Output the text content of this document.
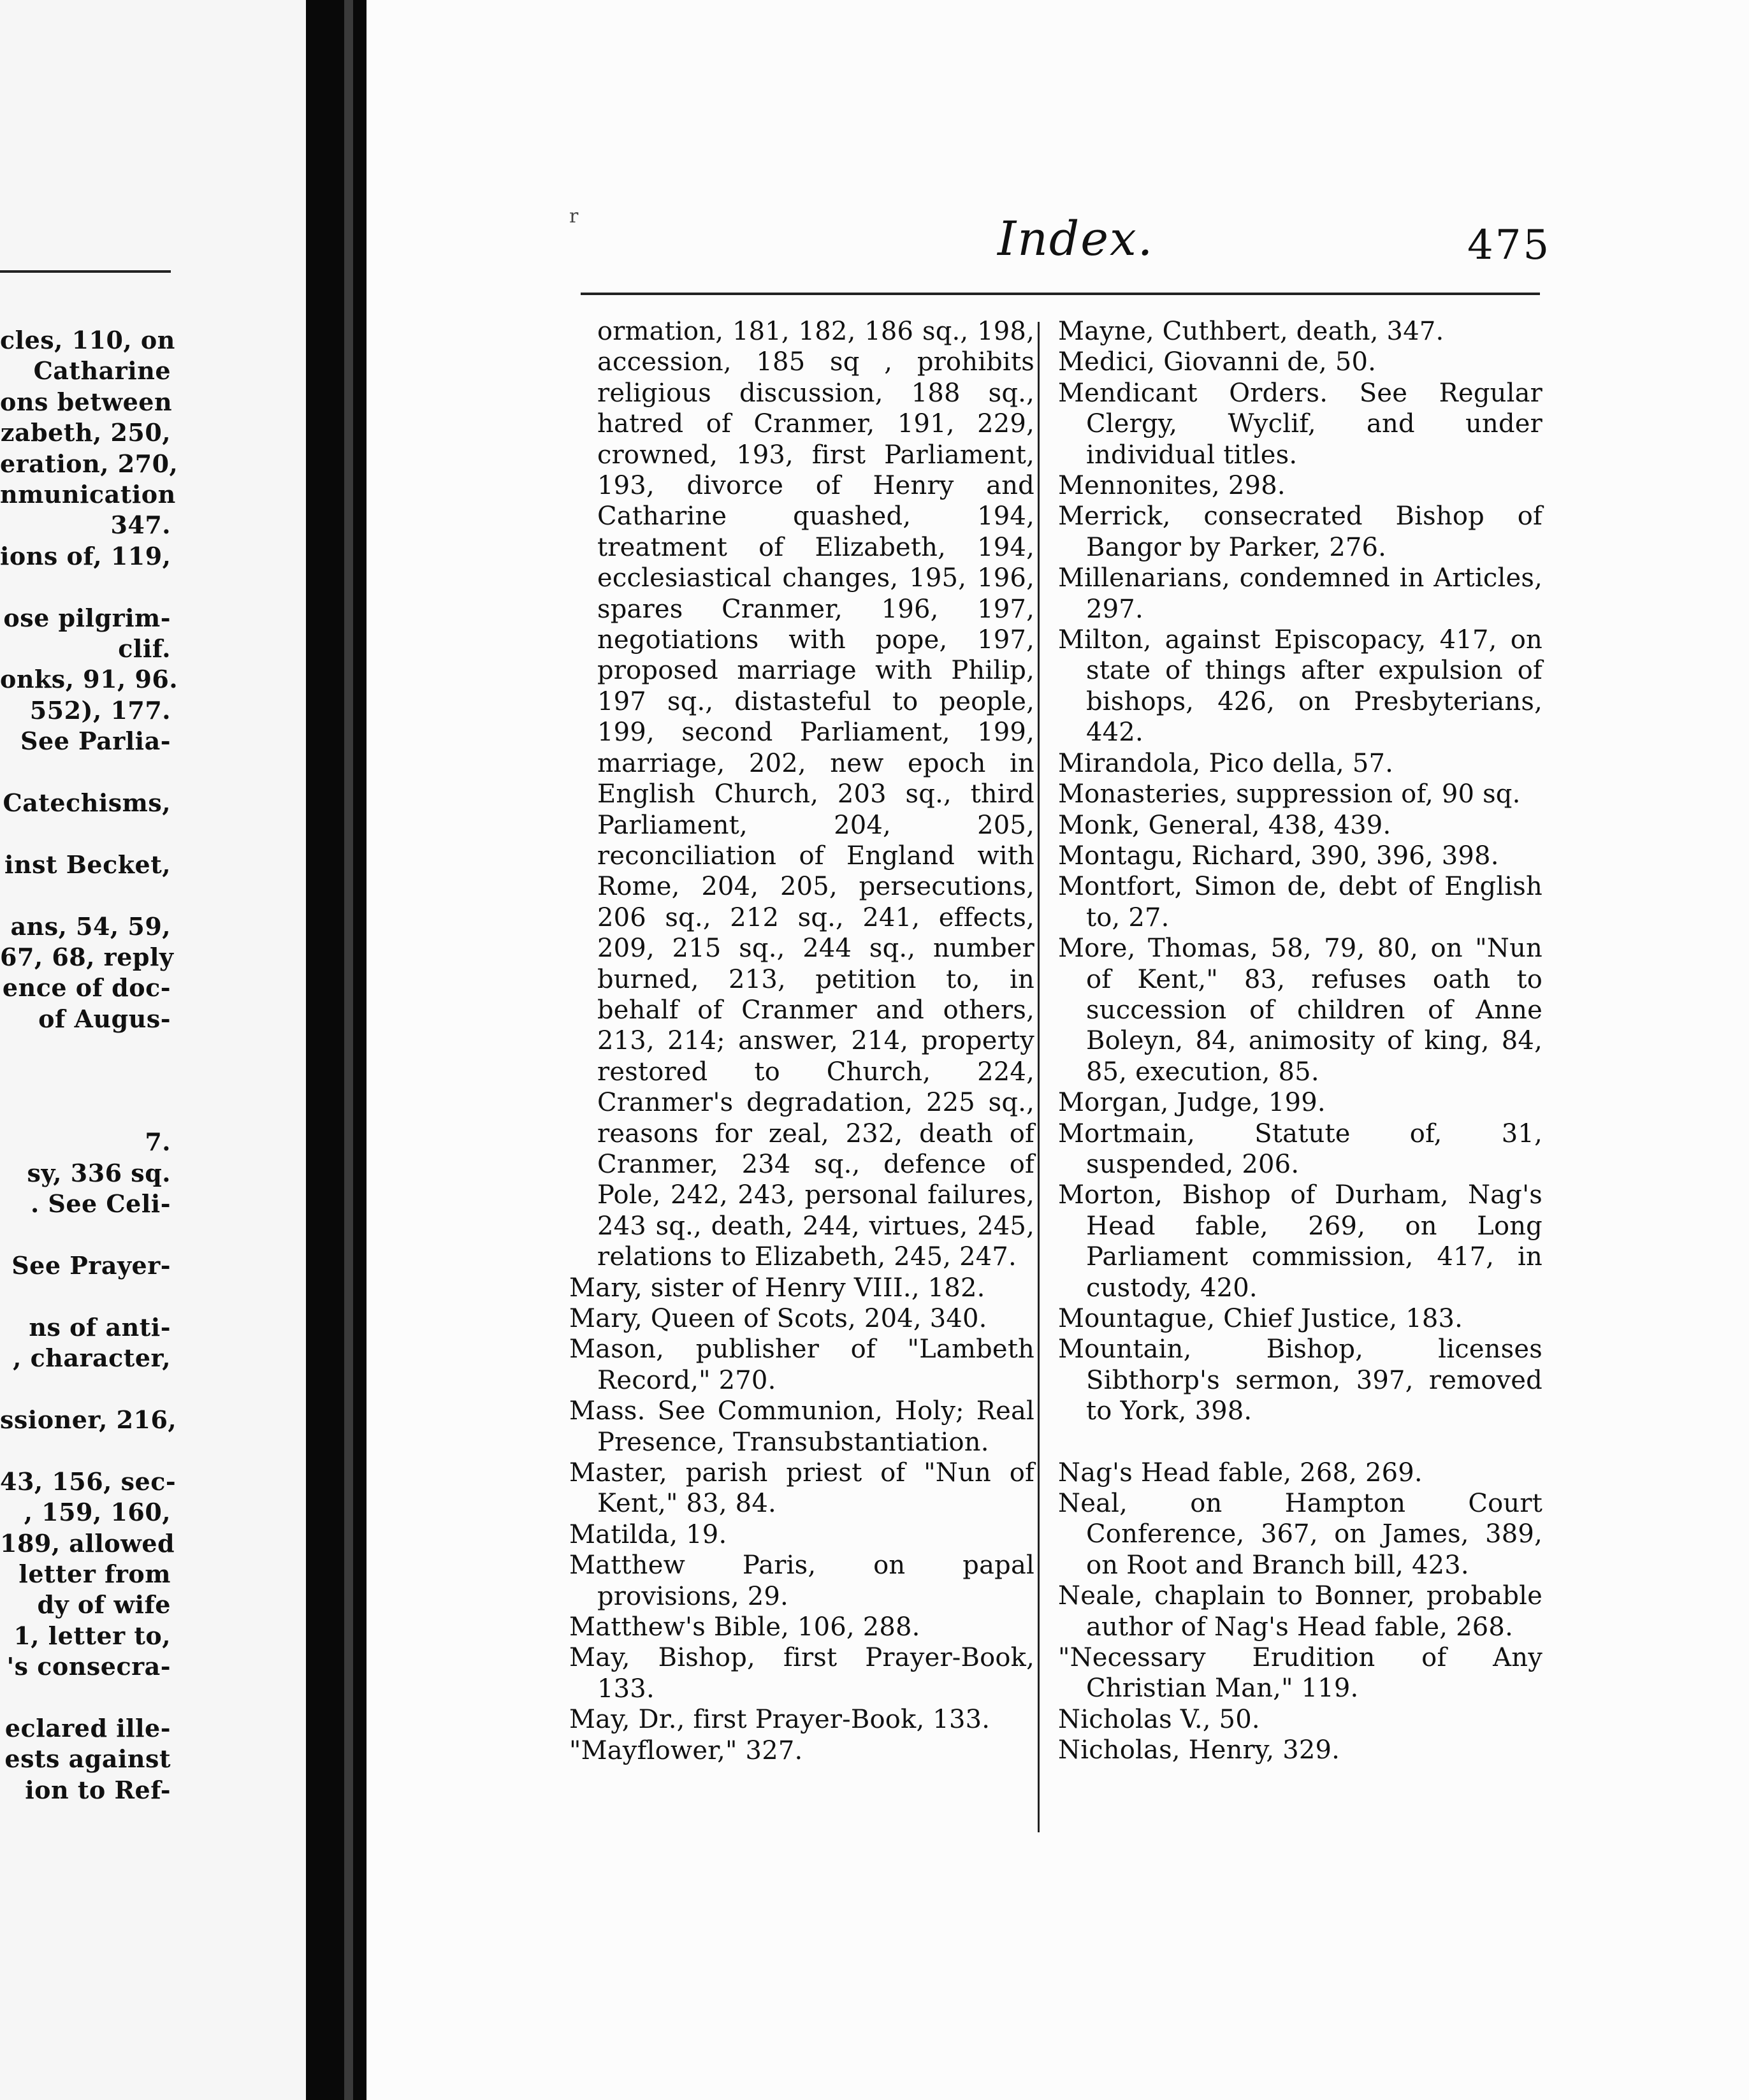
cles, 110, on
Catharine
ons between
zabeth, 250,
eration, 270,
nmunication
347.
ions of, 119,
ose pilgrim-
clif.
onks, 91, 96.
552), 177.
See Parlia-
Catechisms,
inst Becket,
ans, 54, 59,
67, 68, reply
ence of doc-
of Augus-
7.
sy, 336 sq.
. See Celi-
See Prayer-
ns of anti-
, character,
ssioner, 216,
43, 156, sec-
, 159, 160,
189, allowed
letter from
dy of wife
1, letter to,
's consecra-
eclared ille-
ests against
ion to Ref-
r	Index.	475
ormation, 181, 182, 186 sq., 198, accession, 185 sq , prohibits religious discussion, 188 sq., hatred of Cranmer, 191, 229, crowned, 193, first Parliament, 193, divorce of Henry and Catharine quashed, 194, treatment of Elizabeth, 194, ecclesiastical changes, 195, 196, spares Cranmer, 196, 197, negotiations with pope, 197, proposed marriage with Philip, 197 sq., distasteful to people, 199, second Parliament, 199, marriage, 202, new epoch in English Church, 203 sq., third Parliament, 204, 205, reconciliation of England with Rome, 204, 205, persecutions, 206 sq., 212 sq., 241, effects, 209, 215 sq., 244 sq., number burned, 213, petition to, in behalf of Cranmer and others, 213, 214; answer, 214, property restored to Church, 224, Cranmer's degradation, 225 sq., reasons for zeal, 232, death of Cranmer, 234 sq., defence of Pole, 242, 243, personal failures, 243 sq., death, 244, virtues, 245, relations to Elizabeth, 245, 247.
Mary, sister of Henry VIII., 182.
Mary, Queen of Scots, 204, 340.
Mason, publisher of "Lambeth Record," 270.
Mass. See Communion, Holy; Real Presence, Transubstantiation.
Master, parish priest of "Nun of Kent," 83, 84.
Matilda, 19.
Matthew Paris, on papal provisions, 29.
Matthew's Bible, 106, 288.
May, Bishop, first Prayer-Book, 133.
May, Dr., first Prayer-Book, 133.
"Mayflower," 327.
Mayne, Cuthbert, death, 347.
Medici, Giovanni de, 50.
Mendicant Orders. See Regular Clergy, Wyclif, and under individual titles.
Mennonites, 298.
Merrick, consecrated Bishop of Bangor by Parker, 276.
Millenarians, condemned in Articles, 297.
Milton, against Episcopacy, 417, on state of things after expulsion of bishops, 426, on Presbyterians, 442.
Mirandola, Pico della, 57.
Monasteries, suppression of, 90 sq.
Monk, General, 438, 439.
Montagu, Richard, 390, 396, 398.
Montfort, Simon de, debt of English to, 27.
More, Thomas, 58, 79, 80, on "Nun of Kent," 83, refuses oath to succession of children of Anne Boleyn, 84, animosity of king, 84, 85, execution, 85.
Morgan, Judge, 199.
Mortmain, Statute of, 31, suspended, 206.
Morton, Bishop of Durham, Nag's Head fable, 269, on Long Parliament commission, 417, in custody, 420.
Mountague, Chief Justice, 183.
Mountain, Bishop, licenses Sibthorp's sermon, 397, removed to York, 398.
Nag's Head fable, 268, 269.
Neal, on Hampton Court Conference, 367, on James, 389, on Root and Branch bill, 423.
Neale, chaplain to Bonner, probable author of Nag's Head fable, 268.
"Necessary Erudition of Any Christian Man," 119.
Nicholas V., 50.
Nicholas, Henry, 329.
